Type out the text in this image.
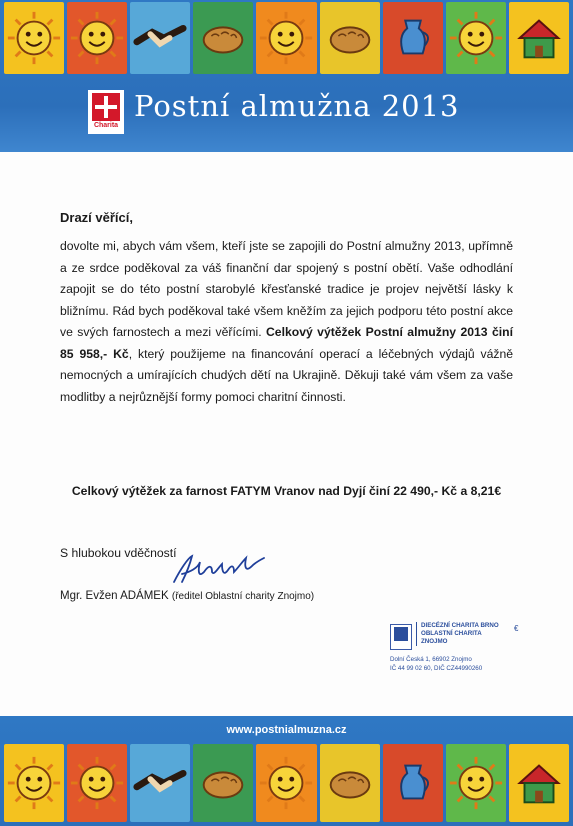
Charita
Postní almužna 2013
Drazí věřící,
dovolte mi, abych vám všem, kteří jste se zapojili do Postní almužny 2013, upřímně a ze srdce poděkoval za váš finanční dar spojený s postní obětí. Vaše odhodlání zapojit se do této postní starobylé křesťanské tradice je projev největší lásky k bližnímu. Rád bych poděkoval také všem kněžím za jejich podporu této postní akce ve svých farnostech a mezi věřícími. Celkový výtěžek Postní almužny 2013 činí 85 958,- Kč, který použijeme na financování operací a léčebných výdajů vážně nemocných a umírajících chudých dětí na Ukrajině. Děkuji také vám všem za vaše modlitby a nejrůznější formy pomoci charitní činnosti.
Celkový výtěžek za farnost FATYM Vranov nad Dyjí činí 22 490,- Kč a 8,21€
S hlubokou vděčností
Mgr. Evžen ADÁMEK (ředitel Oblastní charity Znojmo)
DIECÉZNÍ CHARITA BRNO
OBLASTNÍ CHARITA
ZNOJMO
€
Dolní Česká 1, 66902 Znojmo
IČ 44 99 02 60, DIČ CZ44990260
www.postnialmuzna.cz
